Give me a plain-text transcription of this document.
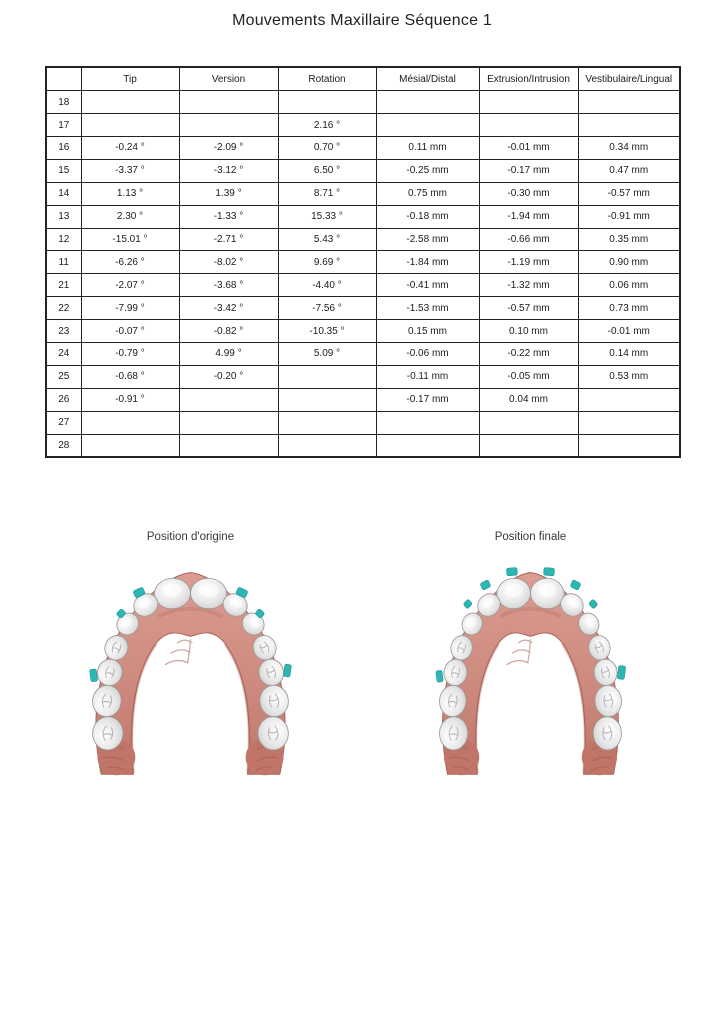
Mouvements Maxillaire Séquence 1
	Tip	Version	Rotation	Mésial/Distal	Extrusion/Intrusion	Vestibulaire/Lingual
18						
17			2.16 °			
16	-0.24 °	-2.09 °	0.70 °	0.11 mm	-0.01 mm	0.34 mm
15	-3.37 °	-3.12 °	6.50 °	-0.25 mm	-0.17 mm	0.47 mm
14	1.13 °	1.39 °	8.71 °	0.75 mm	-0.30 mm	-0.57 mm
13	2.30 °	-1.33 °	15.33 °	-0.18 mm	-1.94 mm	-0.91 mm
12	-15.01 °	-2.71 °	5.43 °	-2.58 mm	-0.66 mm	0.35 mm
11	-6.26 °	-8.02 °	9.69 °	-1.84 mm	-1.19 mm	0.90 mm
21	-2.07 °	-3.68 °	-4.40 °	-0.41 mm	-1.32 mm	0.06 mm
22	-7.99 °	-3.42 °	-7.56 °	-1.53 mm	-0.57 mm	0.73 mm
23	-0.07 °	-0.82 °	-10.35 °	0.15 mm	0.10 mm	-0.01 mm
24	-0.79 °	4.99 °	5.09 °	-0.06 mm	-0.22 mm	0.14 mm
25	-0.68 °	-0.20 °		-0.11 mm	-0.05 mm	0.53 mm
26	-0.91 °			-0.17 mm	0.04 mm	
27						
28						
Position d'origine	Position finale
